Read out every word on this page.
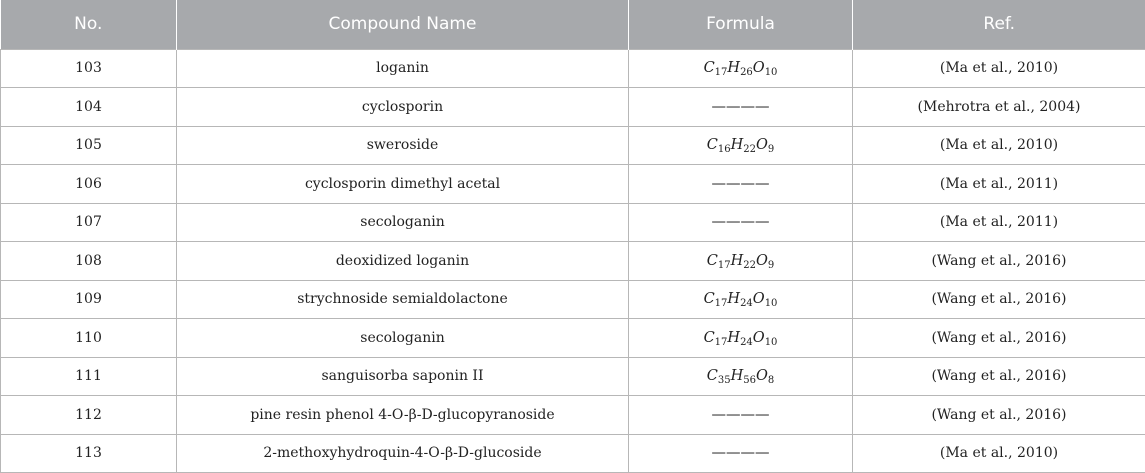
No.	Compound Name	Formula	Ref.
103	loganin	$C_{17}H_{26}O_{10}$	(Ma et al., 2010)
104	cyclosporin	————	(Mehrotra et al., 2004)
105	sweroside	$C_{16}H_{22}O_9$	(Ma et al., 2010)
106	cyclosporin dimethyl acetal	————	(Ma et al., 2011)
107	secologanin	————	(Ma et al., 2011)
108	deoxidized loganin	$C_{17}H_{22}O_9$	(Wang et al., 2016)
109	strychnoside semialdolactone	$C_{17}H_{24}O_{10}$	(Wang et al., 2016)
110	secologanin	$C_{17}H_{24}O_{10}$	(Wang et al., 2016)
111	sanguisorba saponin II	$C_{35}H_{56}O_8$	(Wang et al., 2016)
112	pine resin phenol 4-O-β-D-glucopyranoside	————	(Wang et al., 2016)
113	2-methoxyhydroquin-4-O-β-D-glucoside	————	(Ma et al., 2010)
